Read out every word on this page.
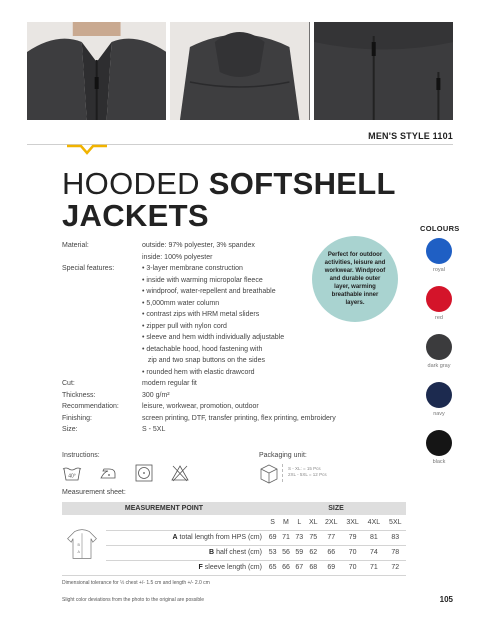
MEN'S STYLE 1101
HOODED SOFTSHELL
JACKETS
Material:	outside: 97% polyester, 3% spandex
inside: 100% polyester
Special features:	• 3-layer membrane construction
• inside with warming micropolar fleece
• windproof, water-repellent and breathable
• 5,000mm water column
• contrast zips with HRM metal sliders
• zipper pull with nylon cord
• sleeve and hem width individually adjustable
• detachable hood, hood fastening with
zip and two snap buttons on the sides
• rounded hem with elastic drawcord
Cut:	modern regular fit
Thickness:	300 g/m²
Recommendation:	leisure, workwear, promotion, outdoor
Finishing:	screen printing, DTF, transfer printing, flex printing, embroidery
Size:	S - 5XL
Perfect for outdoor activities, leisure and workwear. Windproof and durable outer layer, warming breathable inner layers.
COLOURS
royal
red
dark gray
navy
black
Instructions:
40°
Packaging unit:
S - XL: = 15 Pcs
2XL - 5XL = 12 Pcs
Measurement sheet:
MEASUREMENT POINT		SIZE							

B
A		S	M	L	XL	2XL	3XL	4XL	5XL
	A total length from HPS (cm)	69	71	73	75	77	79	81	83
	B half chest (cm)	53	56	59	62	66	70	74	78
	F sleeve length (cm)	65	66	67	68	69	70	71	72
Dimensional tolerance for ½ chest +/- 1.5 cm and length +/- 2.0 cm
Slight color deviations from the photo to the original are possible	105
